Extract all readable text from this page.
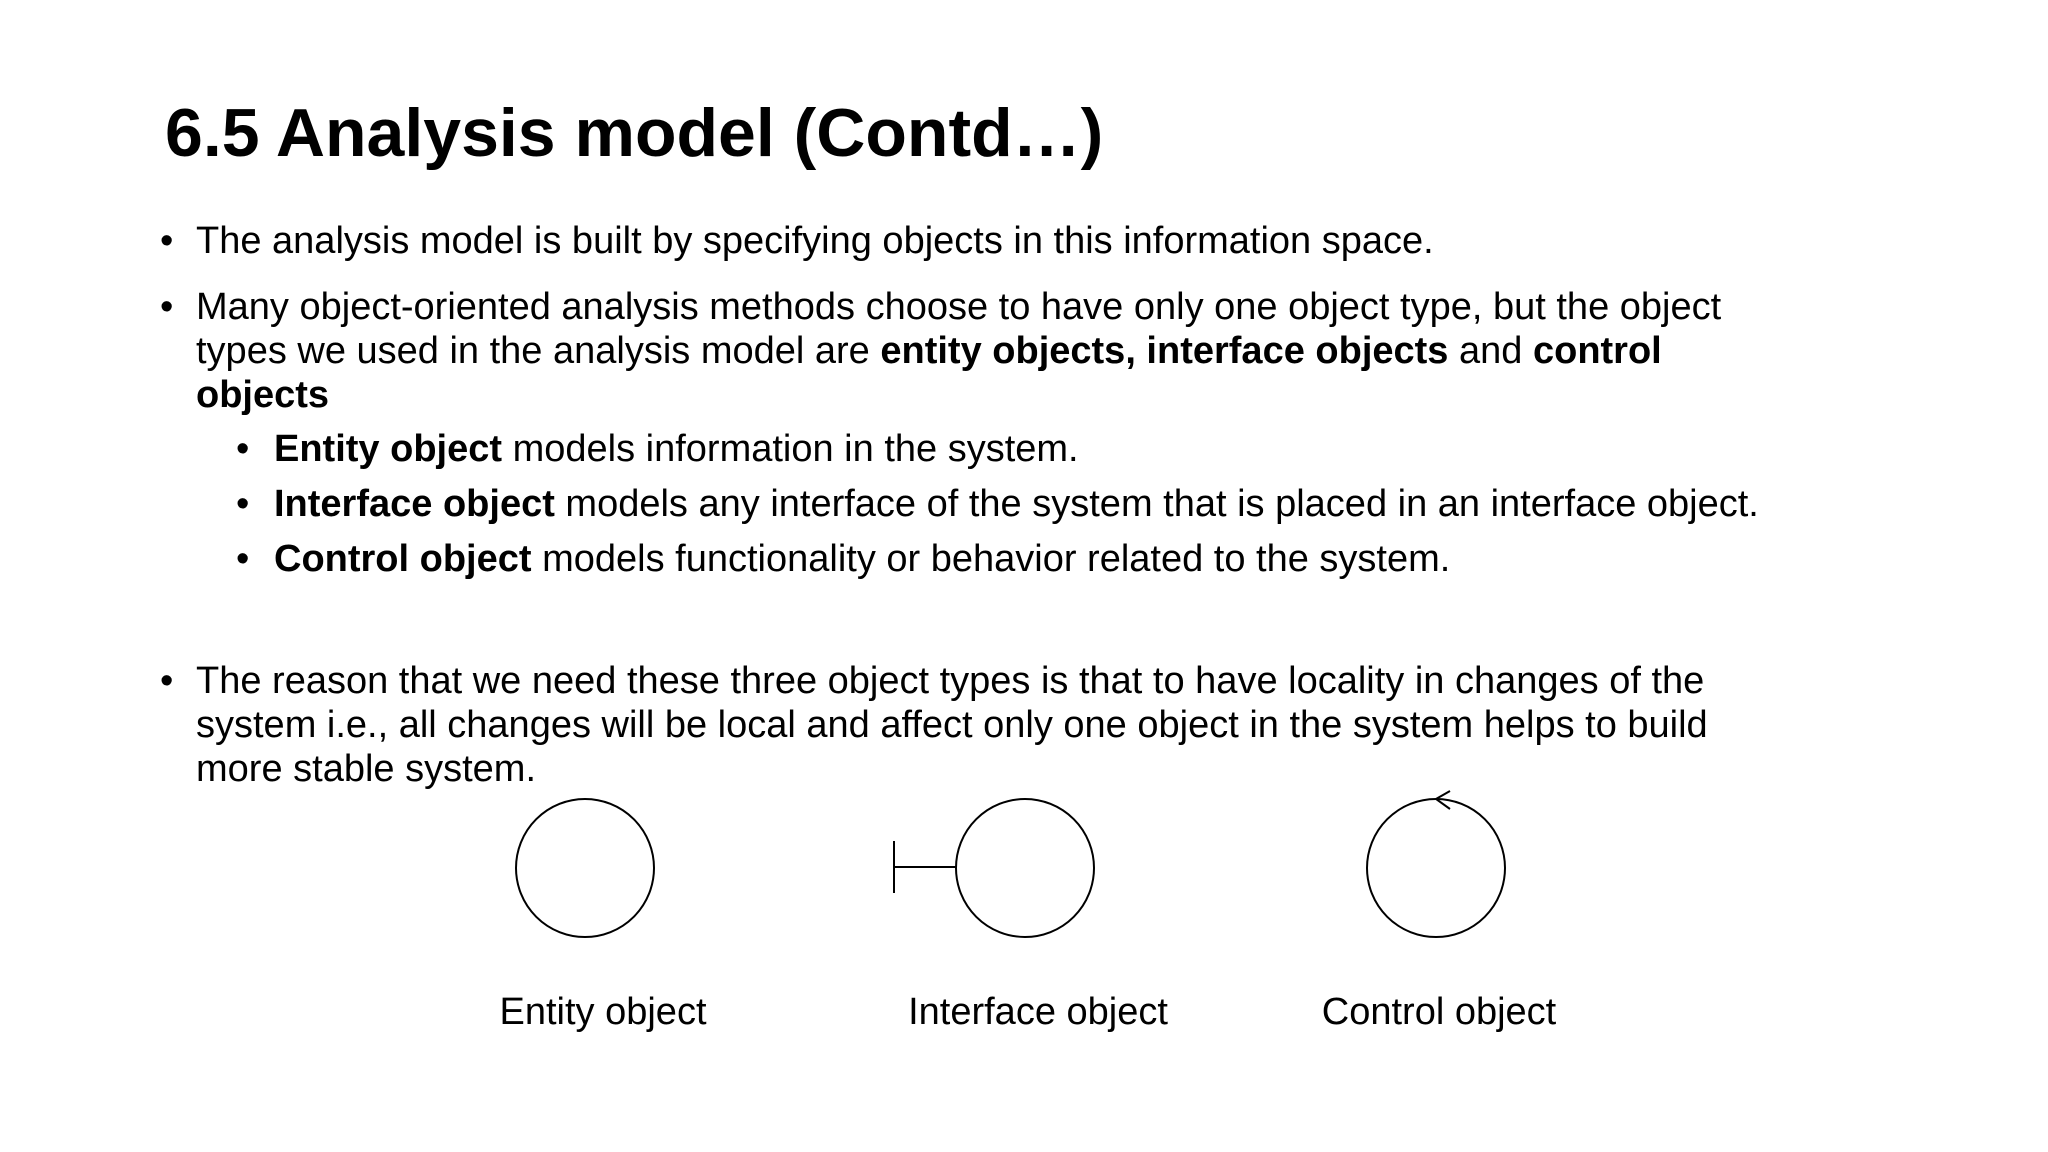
6.5 Analysis model (Contd…)
• The analysis model is built by specifying objects in this information space.
• Many object-oriented analysis methods choose to have only one object type, but the object
types we used in the analysis model are entity objects, interface objects and control
objects
• Entity object models information in the system.
• Interface object models any interface of the system that is placed in an interface object.
• Control object models functionality or behavior related to the system.
• The reason that we need these three object types is that to have locality in changes of the
system i.e., all changes will be local and affect only one object in the system helps to build
more stable system.
Entity object	Interface object	Control object
